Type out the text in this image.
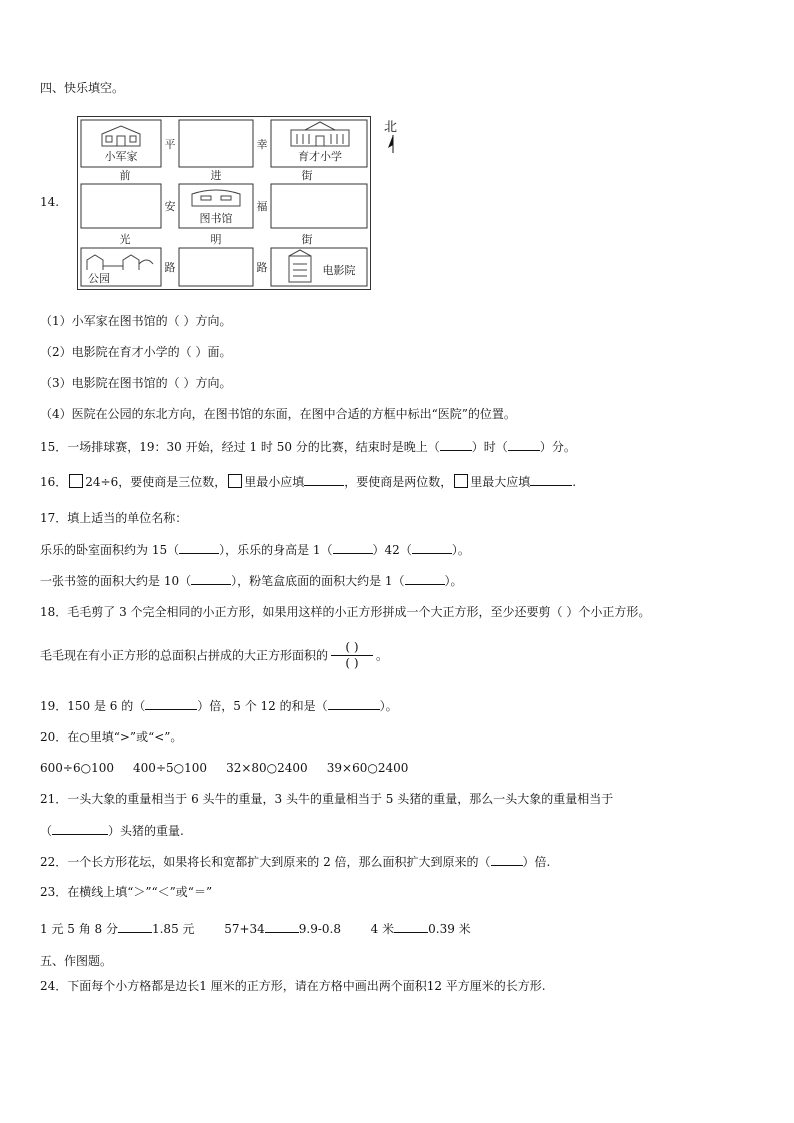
四、快乐填空。
14.
小军家	育才小学
图书馆
公园
电影院
平
安
路
幸
福
路
前	进	街
光	明	街
北
（1）小军家在图书馆的（ ）方向。
（2）电影院在育才小学的（ ）面。
（3）电影院在图书馆的（ ）方向。
（4）医院在公园的东北方向，在图书馆的东面，在图中合适的方框中标出“医院”的位置。
15．一场排球赛，19：30 开始，经过 1 时 50 分的比赛，结束时是晚上（	）时（	）分。
16． 24÷6，要使商是三位数， 里最小应填	，要使商是两位数， 里最大应填	.
17．填上适当的单位名称：
乐乐的卧室面积约为 15（	），乐乐的身高是 1（	）42（	）。
一张书签的面积大约是 10（	），粉笔盒底面的面积大约是 1（	）。
18．毛毛剪了 3 个完全相同的小正方形，如果用这样的小正方形拼成一个大正方形，至少还要剪（ ）个小正方形。
毛毛现在有小正方形的总面积占拼成的大正方形面积的 $\frac{( )}{( )}$ 。
19．150 是 6 的（	）倍，5 个 12 的和是（	）。
20．在○里填“>”或“<”。
600÷6○100     400÷5○100     32×80○2400     39×60○2400
21．一头大象的重量相当于 6 头牛的重量，3 头牛的重量相当于 5 头猪的重量，那么一头大象的重量相当于
（	）头猪的重量.
22．一个长方形花坛，如果将长和宽都扩大到原来的 2 倍，那么面积扩大到原来的（	）倍.
23．在横线上填“＞”“＜”或“＝”
1 元 5 角 8 分	1.85 元 57+34	9.9-0.8 4 米	0.39 米
五、作图题。
24．下面每个小方格都是边长1 厘米的正方形，请在方格中画出两个面积12 平方厘米的长方形.
